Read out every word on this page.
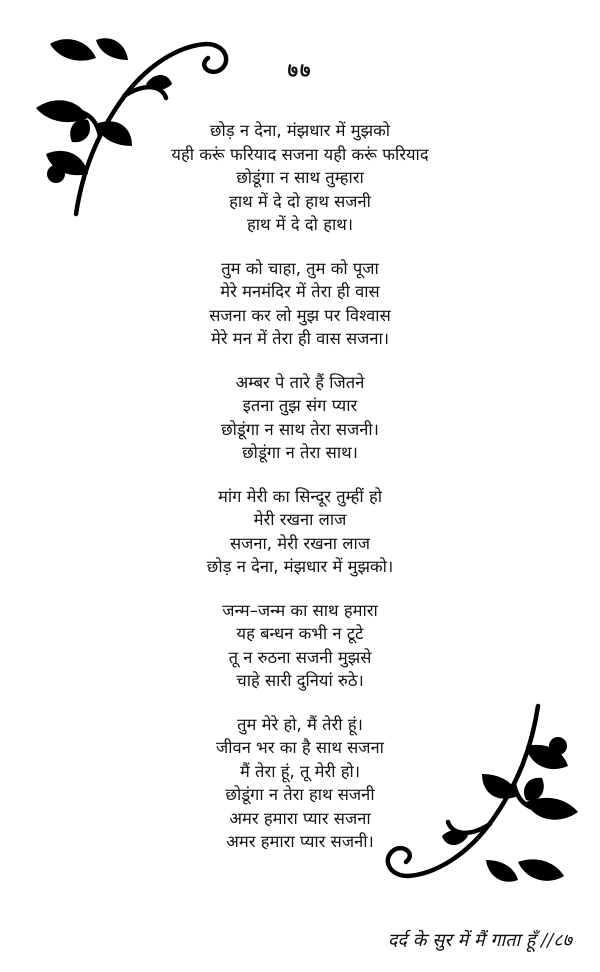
७७
छोड़ न देना, मंझधार में मुझको
यही करूं फरियाद सजना यही करूं फरियाद
छोडूंगा न साथ तुम्हारा
हाथ में दे दो हाथ सजनी
हाथ में दे दो हाथ।
तुम को चाहा, तुम को पूजा
मेरे मनमंदिर में तेरा ही वास
सजना कर लो मुझ पर विश्वास
मेरे मन में तेरा ही वास सजना।
अम्बर पे तारे हैं जितने
इतना तुझ संग प्यार
छोडूंगा न साथ तेरा सजनी।
छोडूंगा न तेरा साथ।
मांग मेरी का सिन्दूर तुम्हीं हो
मेरी रखना लाज
सजना, मेरी रखना लाज
छोड़ न देना, मंझधार में मुझको।
जन्म–जन्म का साथ हमारा
यह बन्धन कभी न टूटे
तू न रुठना सजनी मुझसे
चाहे सारी दुनियां रुठे।
तुम मेरे हो, मैं तेरी हूं।
जीवन भर का है साथ सजना
मैं तेरा हूं, तू मेरी हो।
छोडूंगा न तेरा हाथ सजनी
अमर हमारा प्यार सजना
अमर हमारा प्यार सजनी।
दर्द के सुर में मैं गाता हूँ //८७
